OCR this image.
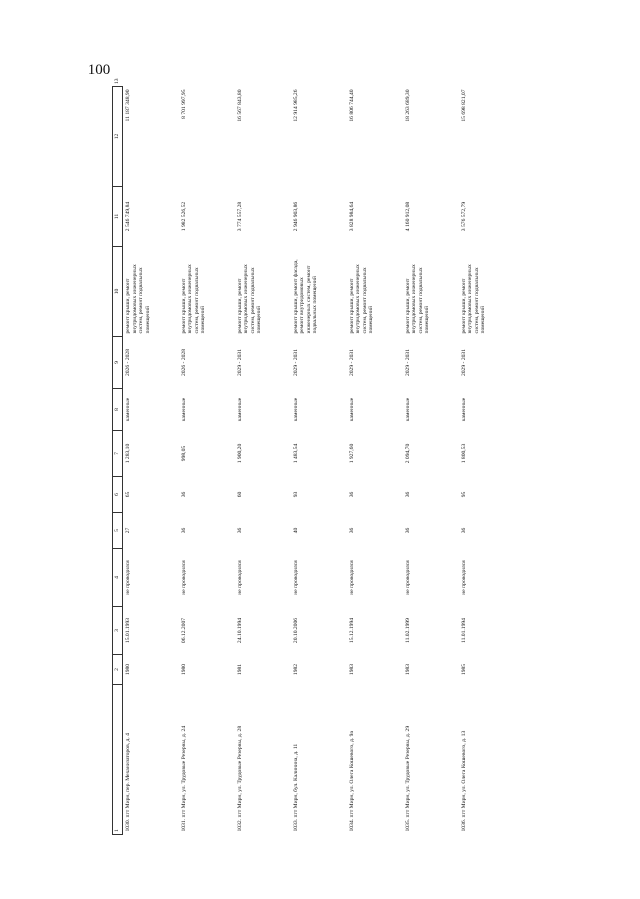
100
1	2	3	4	5	6	7	8	9	10	11	12	13
1030. пгт Мирн, пер. Механизаторов, д. 4	1980	15.01.1993	не проводился	27	65	1 283,10	каменные	2026 - 2028	ремонт крыши, ремонт внутридомовых инженерных систем, ремонт подвальных помещений	2 546 749,84	11 187 348,90	
1031. пгт Мирн, ул. Трудовые Резервы, д. 24	1980	06.12.2007	не проводился	36	36	998,05	каменные	2026 - 2028	ремонт крыши, ремонт внутридомовых инженерных систем, ремонт подвальных помещений	1 982 526,52	8 701 997,95	
1032. пгт Мирн, ул. Трудовые Резервы, д. 28	1981	24.10.1994	не проводился	36	60	1 900,20	каменные	2029 - 2031	ремонт крыши, ремонт внутридомовых инженерных систем, ремонт подвальных помещений	3 774 557,28	16 567 843,80	
1033. пгт Мирн, бул. Калинина, д. 11	1982	20.10.2006	не проводился	40	93	1 483,54	каменные	2029 - 2031	ремонт крыши, ремонт фасада, ремонт внутридомовых инженерных систем, ремонт подвальных помещений	2 946 903,86	12 914 985,26	
1034. пгт Мирн, ул. Олега Кошевого, д. 9а	1983	15.12.1994	не проводился	36	36	1 927,60	каменные	2029 - 2031	ремонт крыши, ремонт внутридомовых инженерных систем, ремонт подвальных помещений	3 828 984,64	16 806 744,40	
1035. пгт Мирн, ул. Трудовые Резервы, д. 29	1983	11.02.1999	не проводился	36	36	2 094,70	каменные	2029 - 2031	ремонт крыши, ремонт внутридомовых инженерных систем, ремонт подвальных помещений	4 160 912,08	18 263 689,30	
1036. пгт Мирн, ул. Олега Кошевого, д. 13	1985	11.01.1994	не проводился	36	95	1 800,53	каменные	2029 - 2031	ремонт крыши, ремонт внутридомовых инженерных систем, ремонт подвальных помещений	3 576 572,79	15 698 821,07	
